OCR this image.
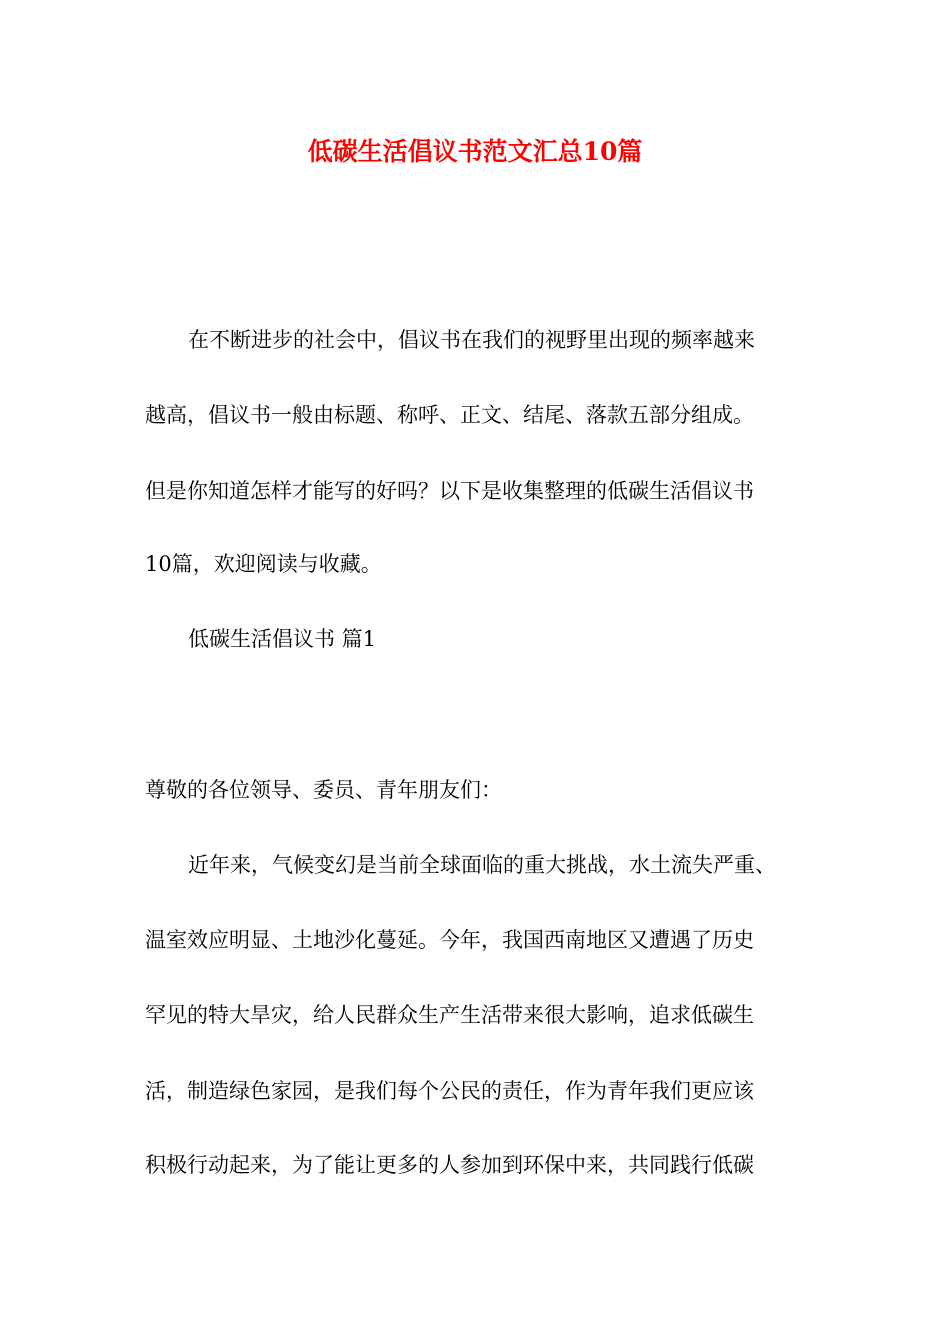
低碳生活倡议书范文汇总10篇
在不断进步的社会中，倡议书在我们的视野里出现的频率越来
越高，倡议书一般由标题、称呼、正文、结尾、落款五部分组成。
但是你知道怎样才能写的好吗？以下是收集整理的低碳生活倡议书
10篇，欢迎阅读与收藏。
低碳生活倡议书 篇1
尊敬的各位领导、委员、青年朋友们：
近年来，气候变幻是当前全球面临的重大挑战，水土流失严重、
温室效应明显、土地沙化蔓延。今年，我国西南地区又遭遇了历史
罕见的特大旱灾，给人民群众生产生活带来很大影响，追求低碳生
活，制造绿色家园，是我们每个公民的责任，作为青年我们更应该
积极行动起来，为了能让更多的人参加到环保中来，共同践行低碳
